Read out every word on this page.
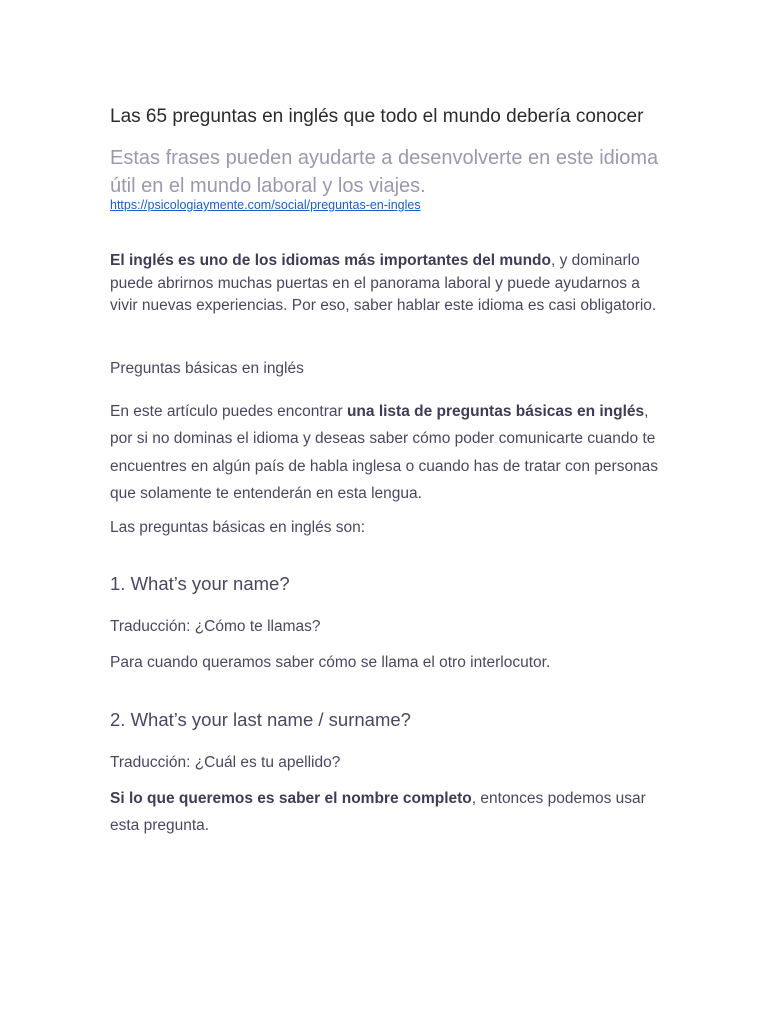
Las 65 preguntas en inglés que todo el mundo debería conocer
Estas frases pueden ayudarte a desenvolverte en este idioma útil en el mundo laboral y los viajes.
https://psicologiaymente.com/social/preguntas-en-ingles

El inglés es uno de los idiomas más importantes del mundo, y dominarlo puede abrirnos muchas puertas en el panorama laboral y puede ayudarnos a vivir nuevas experiencias. Por eso, saber hablar este idioma es casi obligatorio.

Preguntas básicas en inglés

En este artículo puedes encontrar una lista de preguntas básicas en inglés, por si no dominas el idioma y deseas saber cómo poder comunicarte cuando te encuentres en algún país de habla inglesa o cuando has de tratar con personas que solamente te entenderán en esta lengua.

Las preguntas básicas en inglés son:

1. What’s your name?

Traducción: ¿Cómo te llamas?

Para cuando queramos saber cómo se llama el otro interlocutor.

2. What’s your last name / surname?

Traducción: ¿Cuál es tu apellido?

Si lo que queremos es saber el nombre completo, entonces podemos usar esta pregunta.
